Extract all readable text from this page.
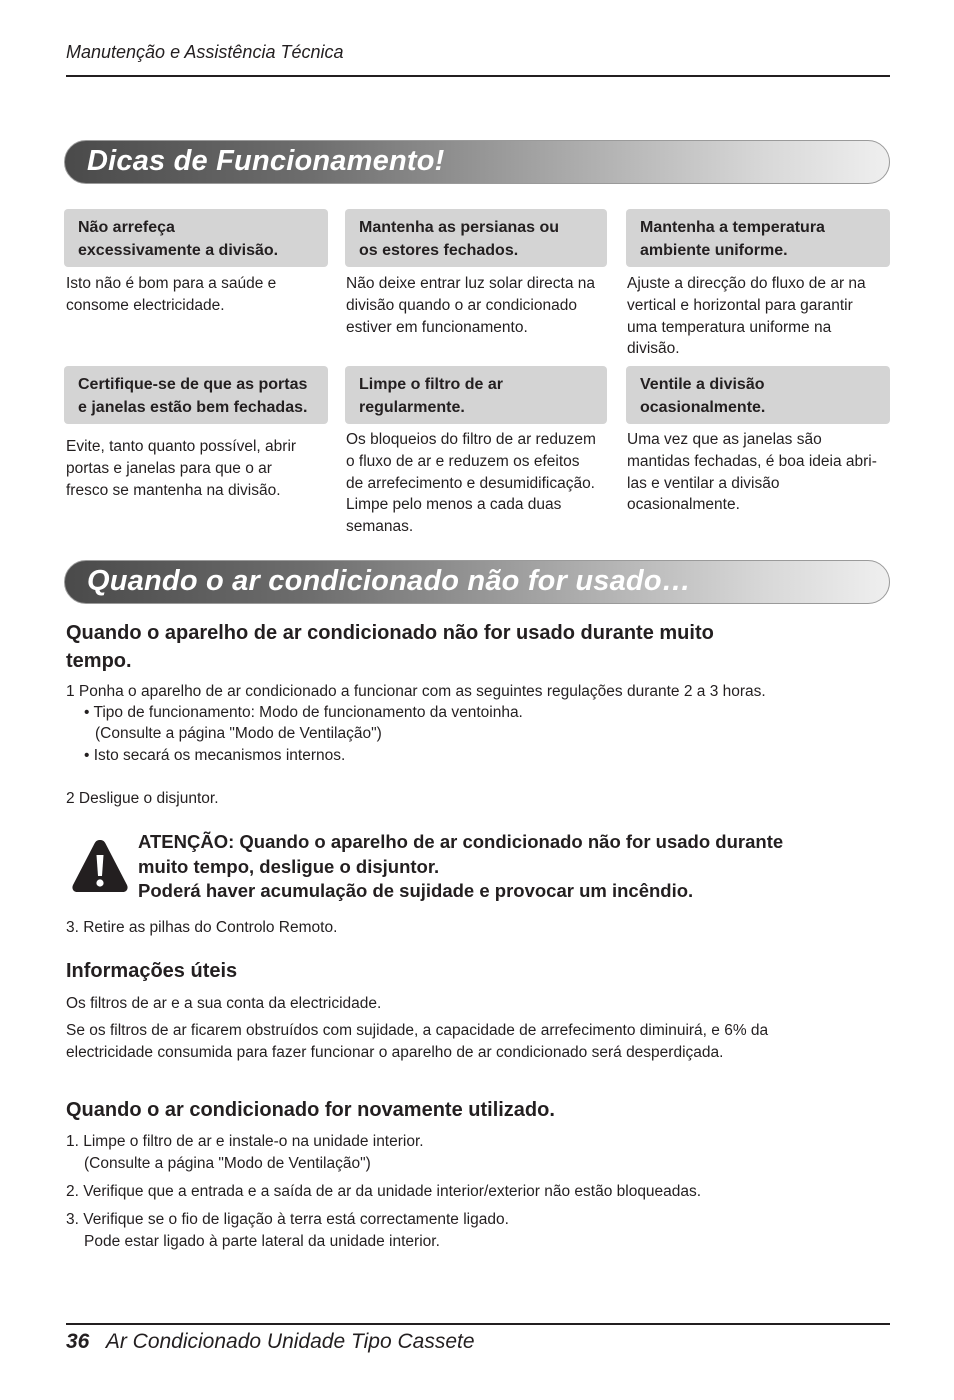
Manutenção e Assistência Técnica
Dicas de Funcionamento!
Não arrefeça
excessivamente a divisão.
Isto não é bom para a saúde e
consome electricidade.
Mantenha as persianas ou
os estores fechados.
Não deixe entrar luz solar directa na
divisão quando o ar condicionado
estiver em funcionamento.
Mantenha a temperatura
ambiente uniforme.
Ajuste a direcção do fluxo de ar na
vertical e horizontal para garantir
uma temperatura uniforme na
divisão.
Certifique-se de que as portas
e janelas estão bem fechadas.
Evite, tanto quanto possível, abrir
portas e janelas para que o ar
fresco se mantenha na divisão.
Limpe o filtro de ar
regularmente.
Os bloqueios do filtro de ar reduzem
o fluxo de ar e reduzem os efeitos
de arrefecimento e desumidificação.
Limpe pelo menos a cada duas
semanas.
Ventile a divisão
ocasionalmente.
Uma vez que as janelas são
mantidas fechadas, é boa ideia abri-
las e ventilar a divisão
ocasionalmente.
Quando o ar condicionado não for usado…
Quando o aparelho de ar condicionado não for usado durante muito
tempo.
1 Ponha o aparelho de ar condicionado a funcionar com as seguintes regulações durante 2 a 3 horas.
• Tipo de funcionamento: Modo de funcionamento da ventoinha.
(Consulte a página "Modo de Ventilação")
• Isto secará os mecanismos internos.
2 Desligue o disjuntor.
ATENÇÃO: Quando o aparelho de ar condicionado não for usado durante
muito tempo, desligue o disjuntor.
Poderá haver acumulação de sujidade e provocar um incêndio.
3. Retire as pilhas do Controlo Remoto.
Informações úteis
Os filtros de ar e a sua conta da electricidade.
Se os filtros de ar ficarem obstruídos com sujidade, a capacidade de arrefecimento diminuirá, e 6% da
electricidade consumida para fazer funcionar o aparelho de ar condicionado será desperdiçada.
Quando o ar condicionado for novamente utilizado.
1. Limpe o filtro de ar e instale-o na unidade interior.
(Consulte a página "Modo de Ventilação")
2. Verifique que a entrada e a saída de ar da unidade interior/exterior não estão bloqueadas.
3. Verifique se o fio de ligação à terra está correctamente ligado.
Pode estar ligado à parte lateral da unidade interior.
36 Ar Condicionado Unidade Tipo Cassete
